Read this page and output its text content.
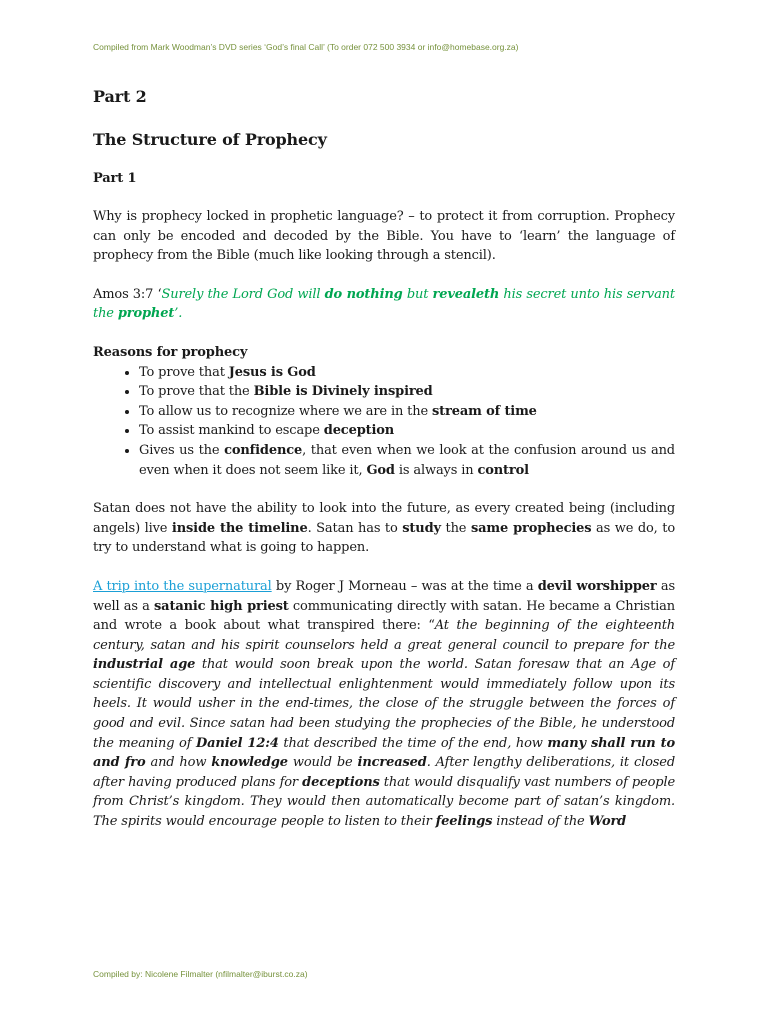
Compiled from Mark Woodman’s DVD series ‘God’s final Call’ (To order 072 500 3934 or info@homebase.org.za)
Part 2
The Structure of Prophecy
Part 1

Why is prophecy locked in prophetic language? – to protect it from corruption. Prophecy can only be encoded and decoded by the Bible. You have to ‘learn’ the language of prophecy from the Bible (much like looking through a stencil).

Amos 3:7 ‘Surely the Lord God will do nothing but revealeth his secret unto his servant the prophet’.

Reasons for prophecy
• To prove that Jesus is God
• To prove that the Bible is Divinely inspired
• To allow us to recognize where we are in the stream of time
• To assist mankind to escape deception
• Gives us the confidence, that even when we look at the confusion around us and even when it does not seem like it, God is always in control

Satan does not have the ability to look into the future, as every created being (including angels) live inside the timeline. Satan has to study the same prophecies as we do, to try to understand what is going to happen.

A trip into the supernatural by Roger J Morneau – was at the time a devil worshipper as well as a satanic high priest communicating directly with satan. He became a Christian and wrote a book about what transpired there: “At the beginning of the eighteenth century, satan and his spirit counselors held a great general council to prepare for the industrial age that would soon break upon the world. Satan foresaw that an Age of scientific discovery and intellectual enlightenment would immediately follow upon its heels. It would usher in the end-times, the close of the struggle between the forces of good and evil. Since satan had been studying the prophecies of the Bible, he understood the meaning of Daniel 12:4 that described the time of the end, how many shall run to and fro and how knowledge would be increased. After lengthy deliberations, it closed after having produced plans for deceptions that would disqualify vast numbers of people from Christ’s kingdom. They would then automatically become part of satan’s kingdom. The spirits would encourage people to listen to their feelings instead of the Word

Compiled by: Nicolene Filmalter (nfilmalter@iburst.co.za)
